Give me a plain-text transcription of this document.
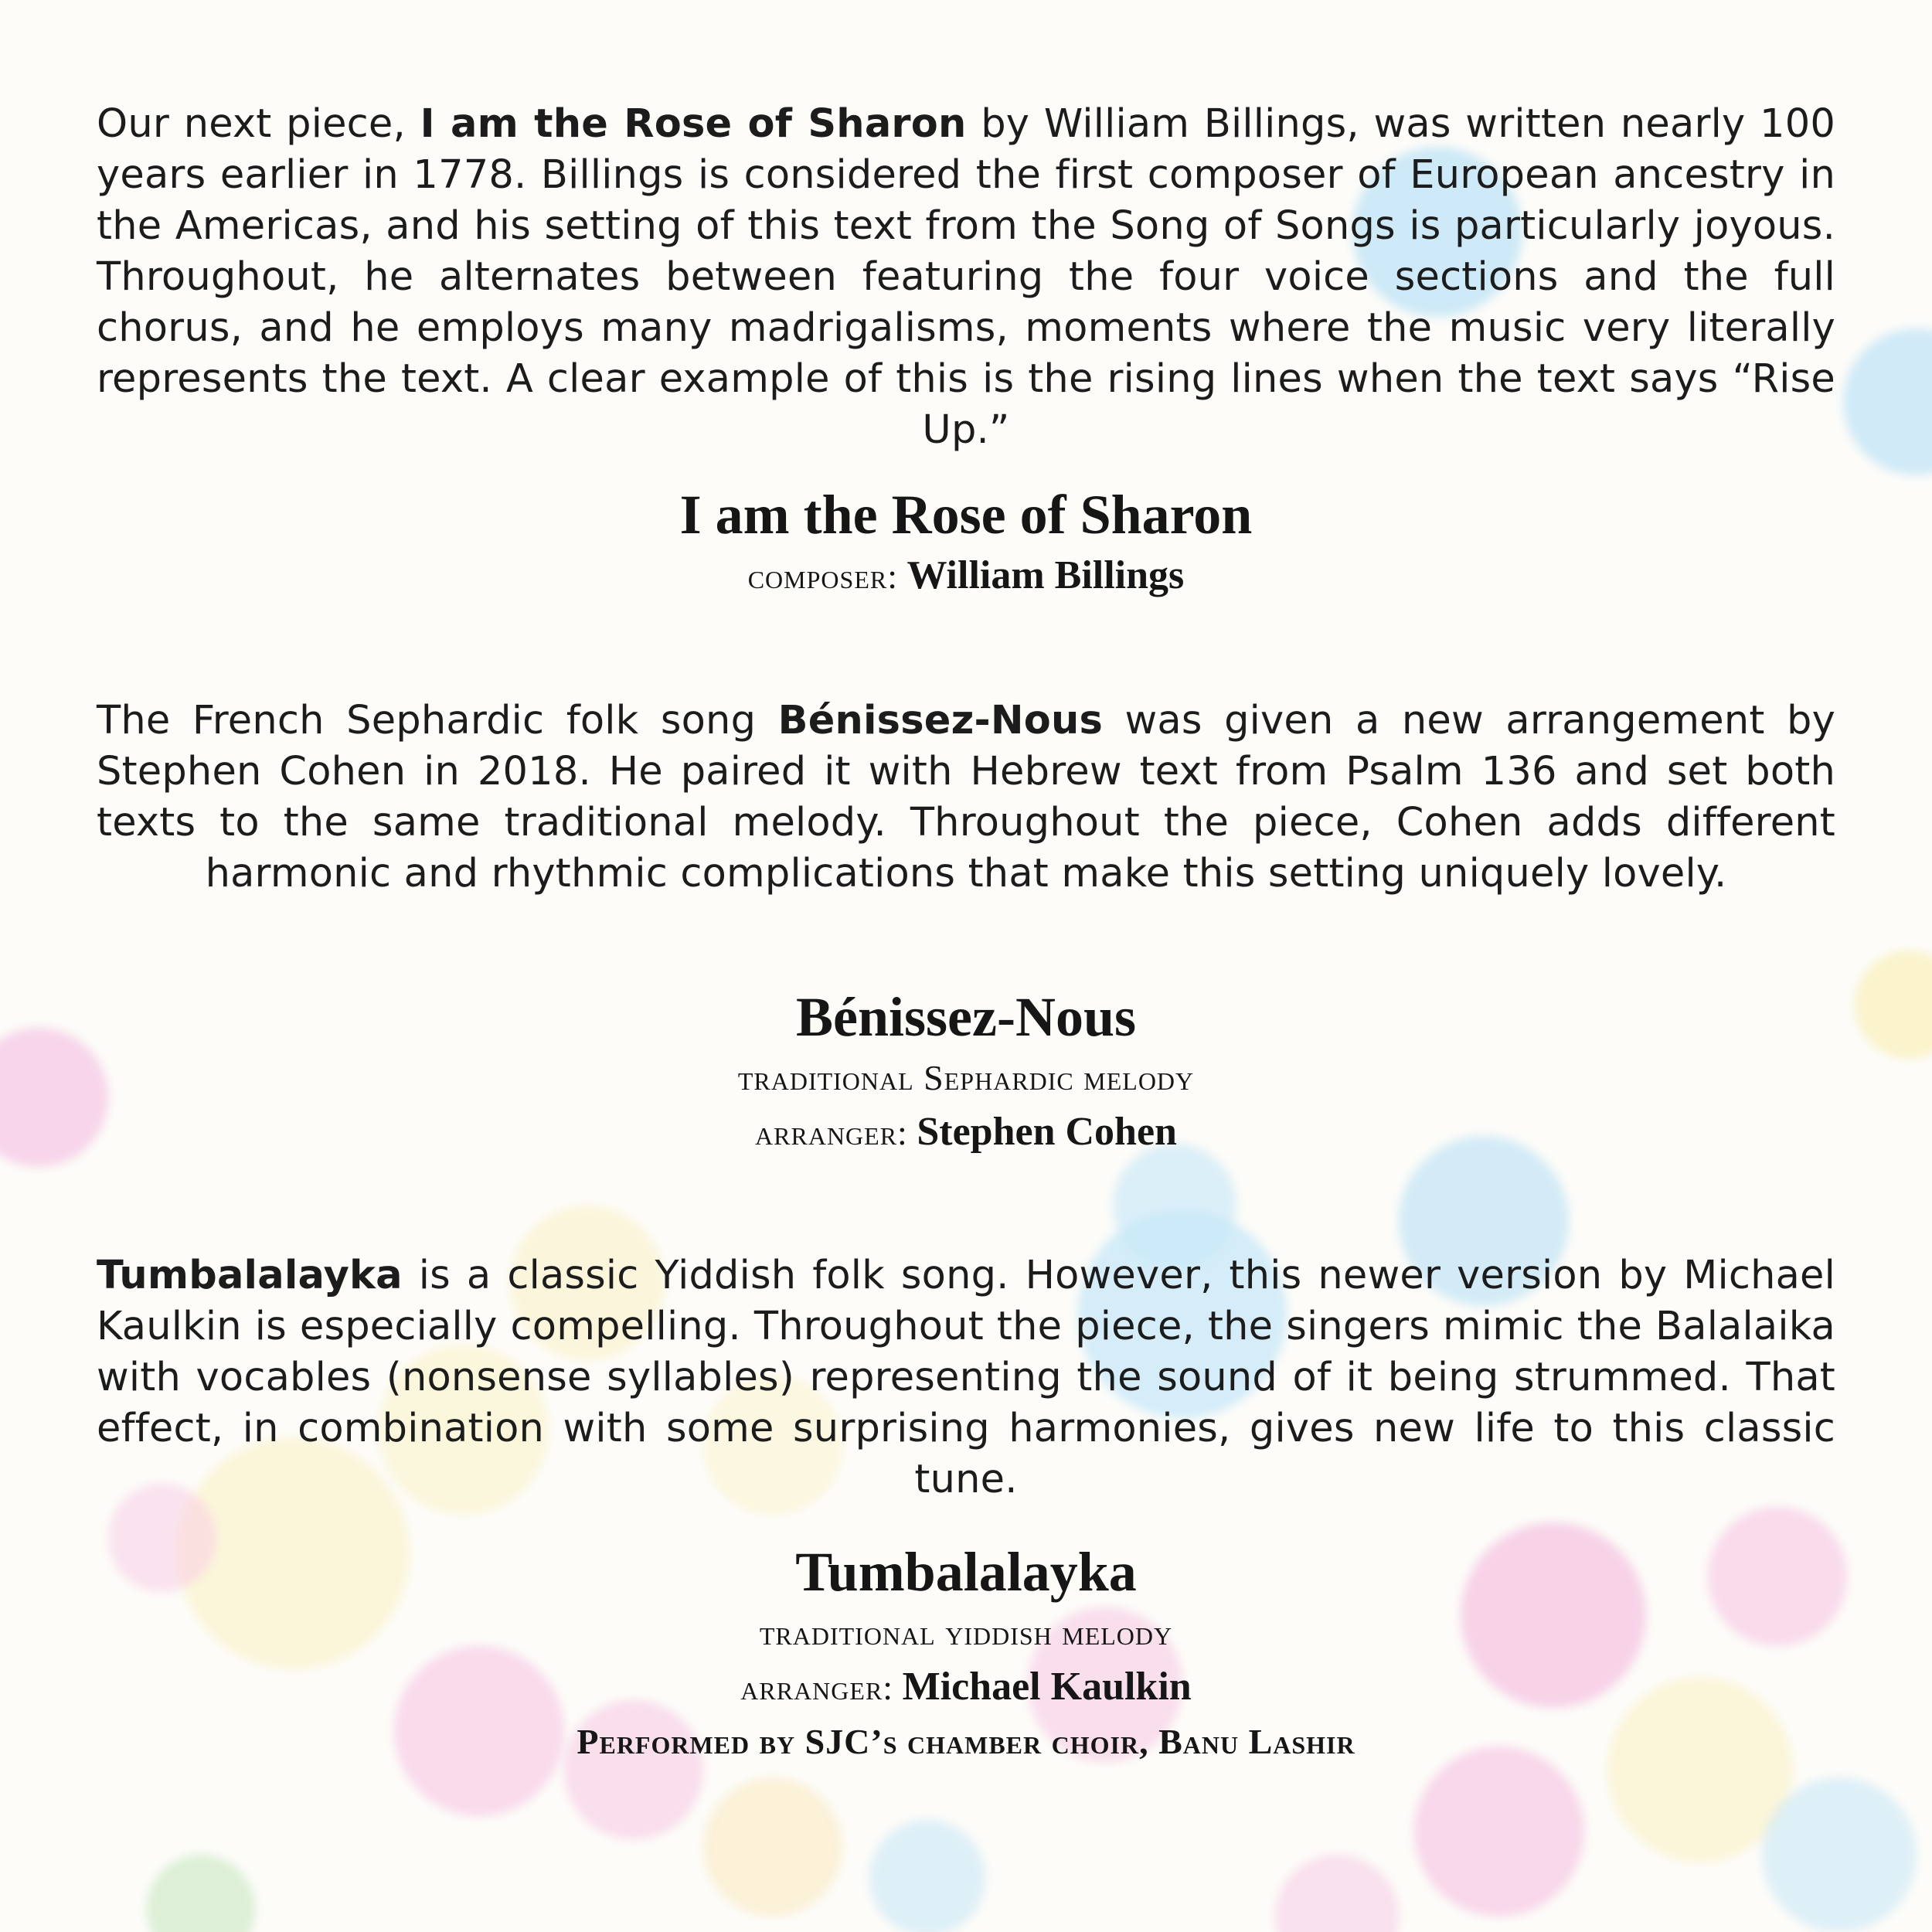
Our next piece, I am the Rose of Sharon by William Billings, was written nearly 100 years earlier in 1778. Billings is considered the first composer of European ancestry in the Americas, and his setting of this text from the Song of Songs is particularly joyous. Throughout, he alternates between featuring the four voice sections and the full chorus, and he employs many madrigalisms, moments where the music very literally represents the text. A clear example of this is the rising lines when the text says “Rise Up.”
I am the Rose of Sharon
composer: William Billings
The French Sephardic folk song Bénissez-Nous was given a new arrangement by Stephen Cohen in 2018. He paired it with Hebrew text from Psalm 136 and set both texts to the same traditional melody. Throughout the piece, Cohen adds different harmonic and rhythmic complications that make this setting uniquely lovely.
Bénissez-Nous
traditional Sephardic melody
arranger: Stephen Cohen
Tumbalalayka is a classic Yiddish folk song. However, this newer version by Michael Kaulkin is especially compelling. Throughout the piece, the singers mimic the Balalaika with vocables (nonsense syllables) representing the sound of it being strummed. That effect, in combination with some surprising harmonies, gives new life to this classic tune.
Tumbalalayka
traditional yiddish melody
arranger: Michael Kaulkin
Performed by SJC’s chamber choir, Banu Lashir
